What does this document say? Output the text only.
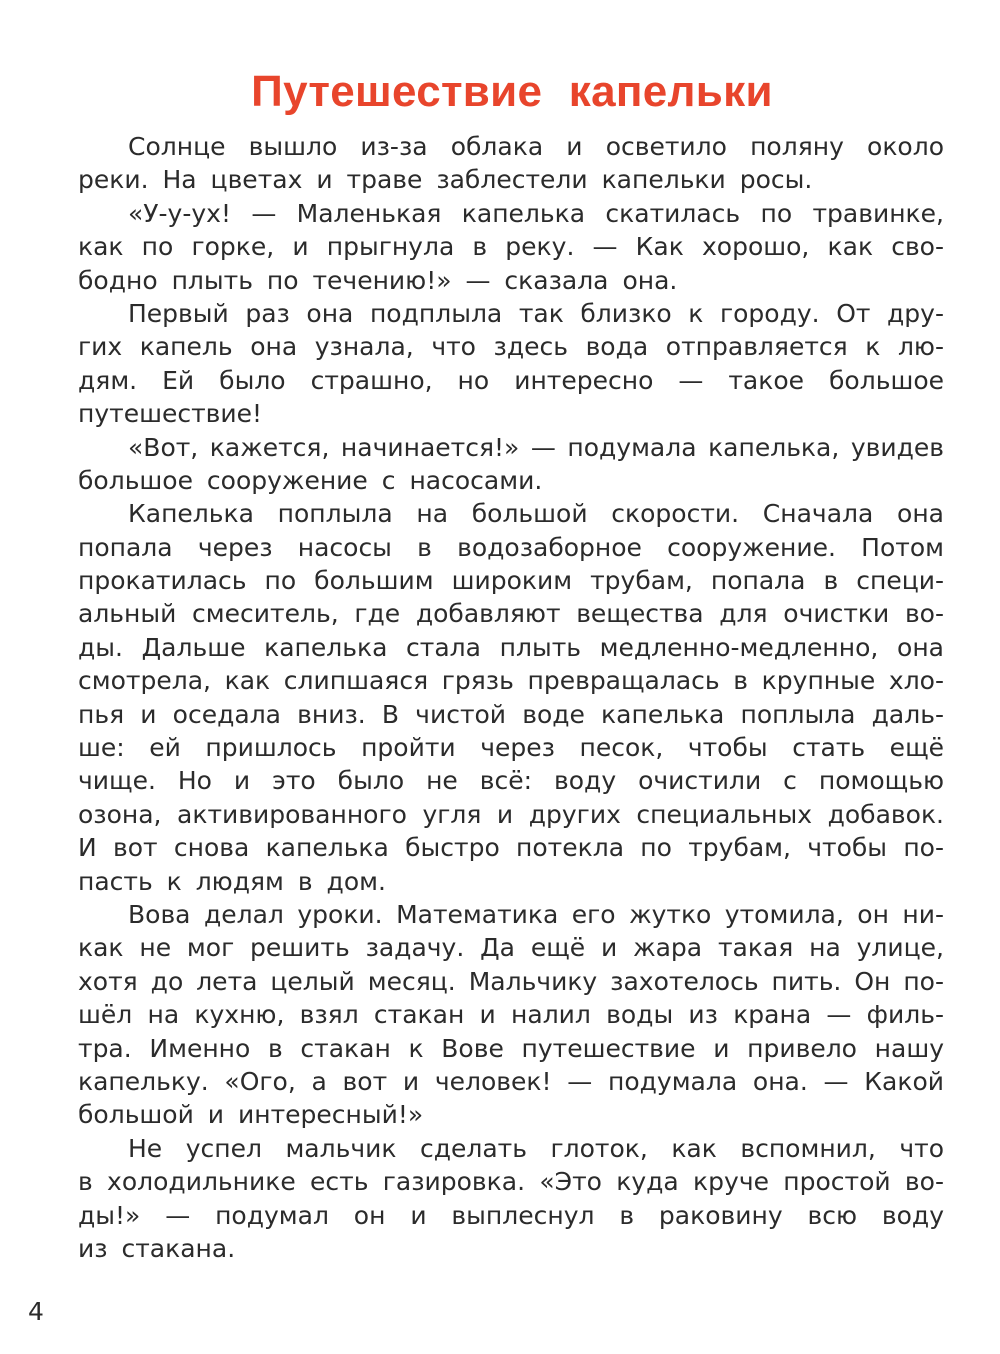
Путешествие капельки
Солнце вышло из-за облака и осветило поляну около
реки. На цветах и траве заблестели капельки росы.
«У-у-ух! — Маленькая капелька скатилась по травинке,
как по горке, и прыгнула в реку. — Как хорошо, как сво-
бодно плыть по течению!» — сказала она.
Первый раз она подплыла так близко к городу. От дру-
гих капель она узнала, что здесь вода отправляется к лю-
дям. Ей было страшно, но интересно — такое большое
путешествие!
«Вот, кажется, начинается!» — подумала капелька, увидев
большое сооружение с насосами.
Капелька поплыла на большой скорости. Сначала она
попала через насосы в водозаборное сооружение. Потом
прокатилась по большим широким трубам, попала в специ-
альный смеситель, где добавляют вещества для очистки во-
ды. Дальше капелька стала плыть медленно-медленно, она
смотрела, как слипшаяся грязь превращалась в крупные хло-
пья и оседала вниз. В чистой воде капелька поплыла даль-
ше: ей пришлось пройти через песок, чтобы стать ещё
чище. Но и это было не всё: воду очистили с помощью
озона, активированного угля и других специальных добавок.
И вот снова капелька быстро потекла по трубам, чтобы по-
пасть к людям в дом.
Вова делал уроки. Математика его жутко утомила, он ни-
как не мог решить задачу. Да ещё и жара такая на улице,
хотя до лета целый месяц. Мальчику захотелось пить. Он по-
шёл на кухню, взял стакан и налил воды из крана — филь-
тра. Именно в стакан к Вове путешествие и привело нашу
капельку. «Ого, а вот и человек! — подумала она. — Какой
большой и интересный!»
Не успел мальчик сделать глоток, как вспомнил, что
в холодильнике есть газировка. «Это куда круче простой во-
ды!» — подумал он и выплеснул в раковину всю воду
из стакана.
4
